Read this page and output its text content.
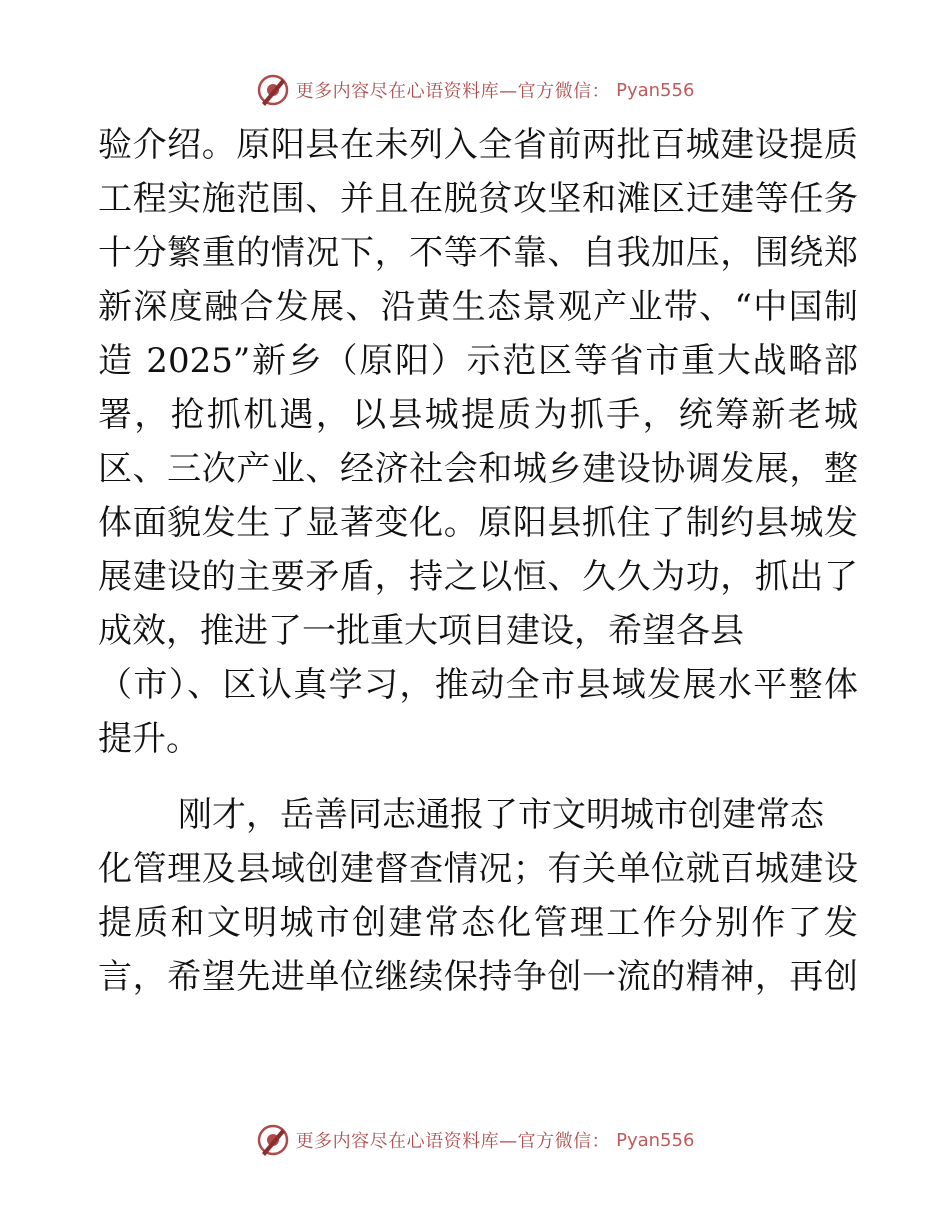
更多内容尽在心语资料库—官方微信： Pyan556
验介绍。原阳县在未列入全省前两批百城建设提质
工程实施范围、并且在脱贫攻坚和滩区迁建等任务
十分繁重的情况下，不等不靠、自我加压，围绕郑
新深度融合发展、沿黄生态景观产业带、“中国制
造 2025”新乡（原阳）示范区等省市重大战略部
署，抢抓机遇，以县城提质为抓手，统筹新老城
区、三次产业、经济社会和城乡建设协调发展，整
体面貌发生了显著变化。原阳县抓住了制约县城发
展建设的主要矛盾，持之以恒、久久为功，抓出了
成效，推进了一批重大项目建设，希望各县
（市）、区认真学习，推动全市县域发展水平整体
提升。
刚才，岳善同志通报了市文明城市创建常态
化管理及县域创建督查情况；有关单位就百城建设
提质和文明城市创建常态化管理工作分别作了发
言，希望先进单位继续保持争创一流的精神，再创
更多内容尽在心语资料库—官方微信： Pyan556
